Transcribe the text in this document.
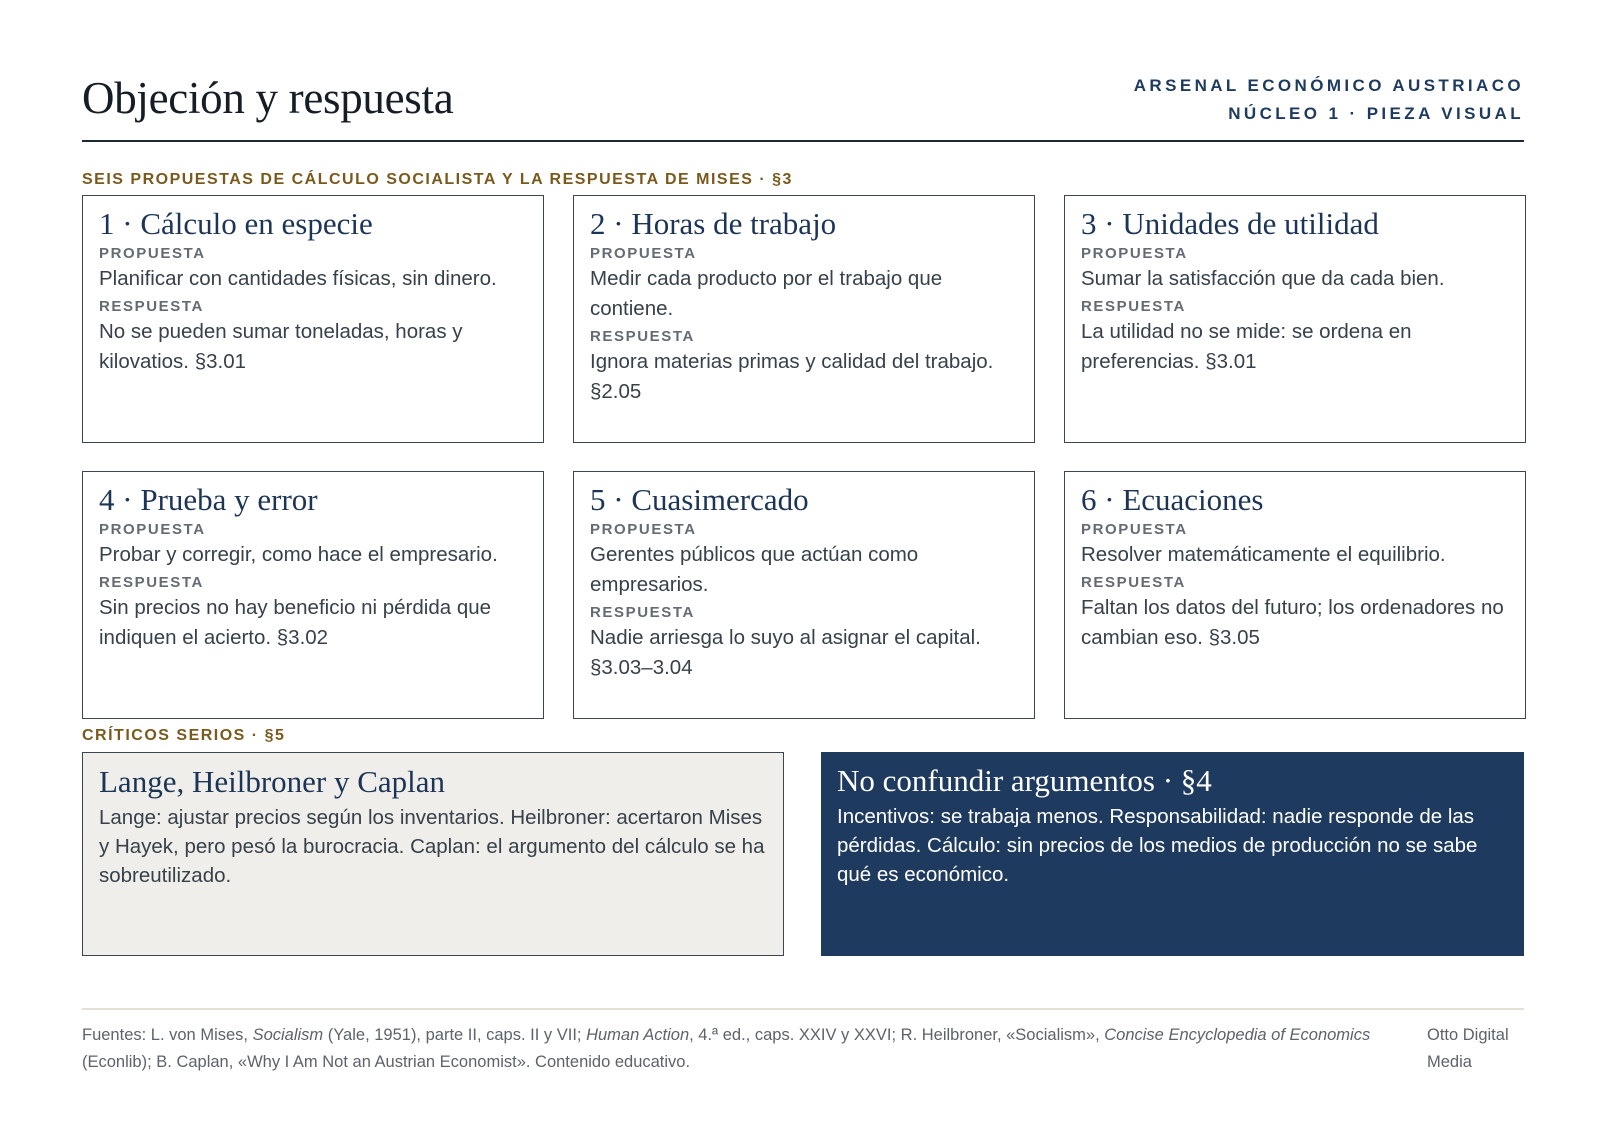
Objeción y respuesta	ARSENAL ECONÓMICO AUSTRIACO
NÚCLEO 1 · PIEZA VISUAL
SEIS PROPUESTAS DE CÁLCULO SOCIALISTA Y LA RESPUESTA DE MISES · §3
1 · Cálculo en especie
PROPUESTA
Planificar con cantidades físicas, sin dinero.
RESPUESTA
No se pueden sumar toneladas, horas y kilovatios. §3.01
2 · Horas de trabajo
PROPUESTA
Medir cada producto por el trabajo que contiene.
RESPUESTA
Ignora materias primas y calidad del trabajo. §2.05
3 · Unidades de utilidad
PROPUESTA
Sumar la satisfacción que da cada bien.
RESPUESTA
La utilidad no se mide: se ordena en preferencias. §3.01
4 · Prueba y error
PROPUESTA
Probar y corregir, como hace el empresario.
RESPUESTA
Sin precios no hay beneficio ni pérdida que indiquen el acierto. §3.02
5 · Cuasimercado
PROPUESTA
Gerentes públicos que actúan como empresarios.
RESPUESTA
Nadie arriesga lo suyo al asignar el capital. §3.03–3.04
6 · Ecuaciones
PROPUESTA
Resolver matemáticamente el equilibrio.
RESPUESTA
Faltan los datos del futuro; los ordenadores no cambian eso. §3.05
CRÍTICOS SERIOS · §5
Lange, Heilbroner y Caplan

Lange: ajustar precios según los inventarios. Heilbroner: acertaron Mises y Hayek, pero pesó la burocracia. Caplan: el argumento del cálculo se ha sobreutilizado.

No confundir argumentos · §4

Incentivos: se trabaja menos. Responsabilidad: nadie responde de las pérdidas. Cálculo: sin precios de los medios de producción no se sabe qué es económico.

Fuentes: L. von Mises, Socialism (Yale, 1951), parte II, caps. II y VII; Human Action, 4.ª ed., caps. XXIV y XXVI; R. Heilbroner, «Socialism», Concise Encyclopedia of Economics (Econlib); B. Caplan, «Why I Am Not an Austrian Economist». Contenido educativo.
Otto Digital Media
